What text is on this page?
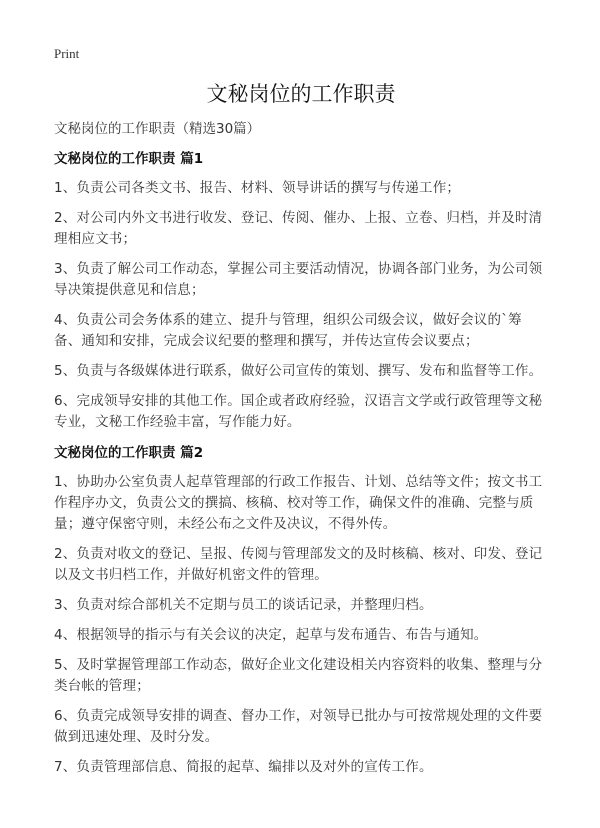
Print
文秘岗位的工作职责

文秘岗位的工作职责（精选30篇）

文秘岗位的工作职责 篇1

1、负责公司各类文书、报告、材料、领导讲话的撰写与传递工作；

2、对公司内外文书进行收发、登记、传阅、催办、上报、立卷、归档，并及时清理相应文书；

3、负责了解公司工作动态，掌握公司主要活动情况，协调各部门业务，为公司领导决策提供意见和信息；

4、负责公司会务体系的建立、提升与管理，组织公司级会议，做好会议的`筹备、通知和安排，完成会议纪要的整理和撰写，并传达宣传会议要点；

5、负责与各级媒体进行联系，做好公司宣传的策划、撰写、发布和监督等工作。

6、完成领导安排的其他工作。国企或者政府经验，汉语言文学或行政管理等文秘专业，文秘工作经验丰富，写作能力好。

文秘岗位的工作职责 篇2

1、协助办公室负责人起草管理部的行政工作报告、计划、总结等文件；按文书工作程序办文，负责公文的撰搞、核稿、校对等工作，确保文件的准确、完整与质量；遵守保密守则，未经公布之文件及决议，不得外传。

2、负责对收文的登记、呈报、传阅与管理部发文的及时核稿、核对、印发、登记以及文书归档工作，并做好机密文件的管理。

3、负责对综合部机关不定期与员工的谈话记录，并整理归档。

4、根据领导的指示与有关会议的决定，起草与发布通告、布告与通知。

5、及时掌握管理部工作动态，做好企业文化建设相关内容资料的收集、整理与分类台帐的管理；

6、负责完成领导安排的调查、督办工作，对领导已批办与可按常规处理的文件要做到迅速处理、及时分发。

7、负责管理部信息、简报的起草、编排以及对外的宣传工作。
